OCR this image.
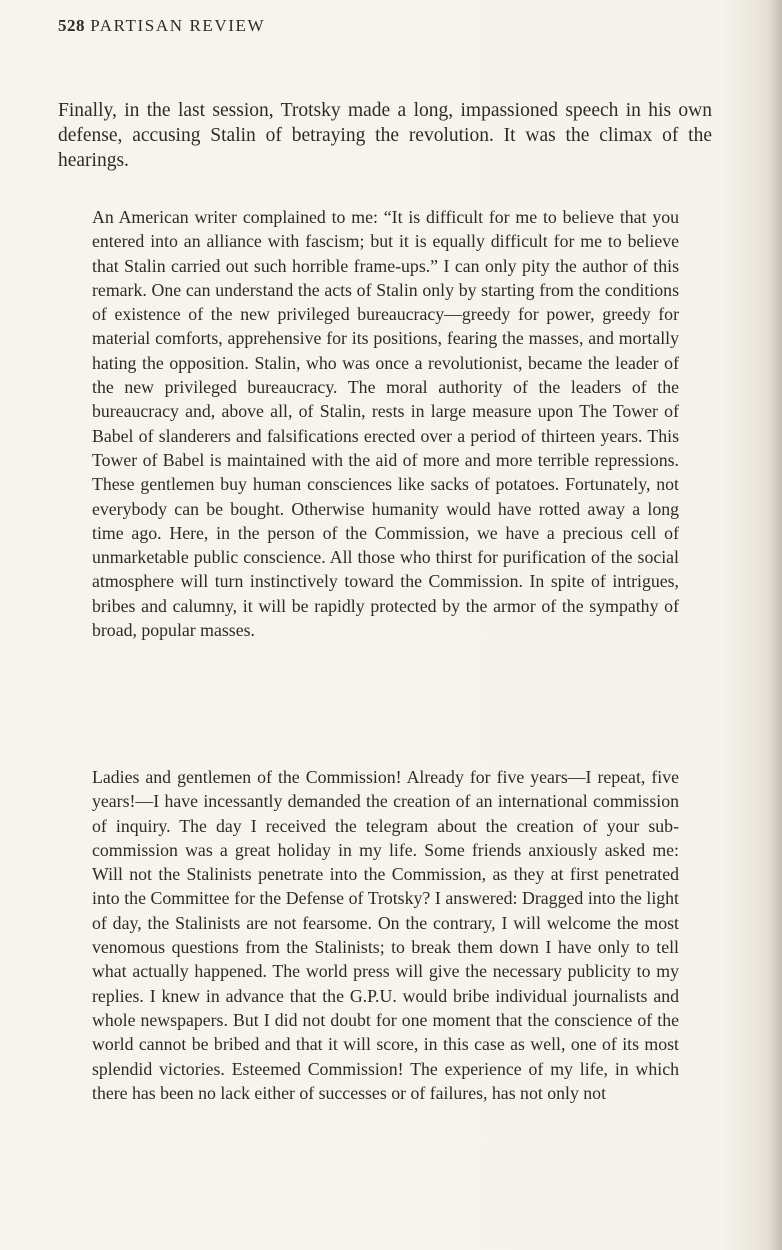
528 PARTISAN REVIEW

Finally, in the last session, Trotsky made a long, impassioned speech in his own defense, accusing Stalin of betraying the revolution. It was the climax of the hearings.

An American writer complained to me: “It is difficult for me to believe that you entered into an alliance with fascism; but it is equally difficult for me to believe that Stalin carried out such horrible frame-ups.” I can only pity the author of this remark. One can understand the acts of Stalin only by starting from the conditions of existence of the new privileged bureaucracy—greedy for power, greedy for material comforts, apprehensive for its positions, fearing the masses, and mortally hating the opposition. Stalin, who was once a revolutionist, became the leader of the new privileged bureaucracy. The moral authority of the leaders of the bureaucracy and, above all, of Stalin, rests in large measure upon The Tower of Babel of slanderers and falsifications erected over a period of thirteen years. This Tower of Babel is maintained with the aid of more and more terrible repressions. These gentlemen buy human consciences like sacks of potatoes. Fortunately, not everybody can be bought. Otherwise humanity would have rotted away a long time ago. Here, in the person of the Commission, we have a precious cell of unmarketable public conscience. All those who thirst for purification of the social atmosphere will turn instinctively toward the Commission. In spite of intrigues, bribes and calumny, it will be rapidly protected by the armor of the sympathy of broad, popular masses.

Ladies and gentlemen of the Commission! Already for five years—I repeat, five years!—I have incessantly demanded the creation of an international commission of inquiry. The day I received the telegram about the creation of your sub-commission was a great holiday in my life. Some friends anxiously asked me: Will not the Stalinists penetrate into the Commission, as they at first penetrated into the Committee for the Defense of Trotsky? I answered: Dragged into the light of day, the Stalinists are not fearsome. On the contrary, I will welcome the most venomous questions from the Stalinists; to break them down I have only to tell what actually happened. The world press will give the necessary publicity to my replies. I knew in advance that the G.P.U. would bribe individual journalists and whole newspapers. But I did not doubt for one moment that the conscience of the world cannot be bribed and that it will score, in this case as well, one of its most splendid victories. Esteemed Commission! The experience of my life, in which there has been no lack either of successes or of failures, has not only not
